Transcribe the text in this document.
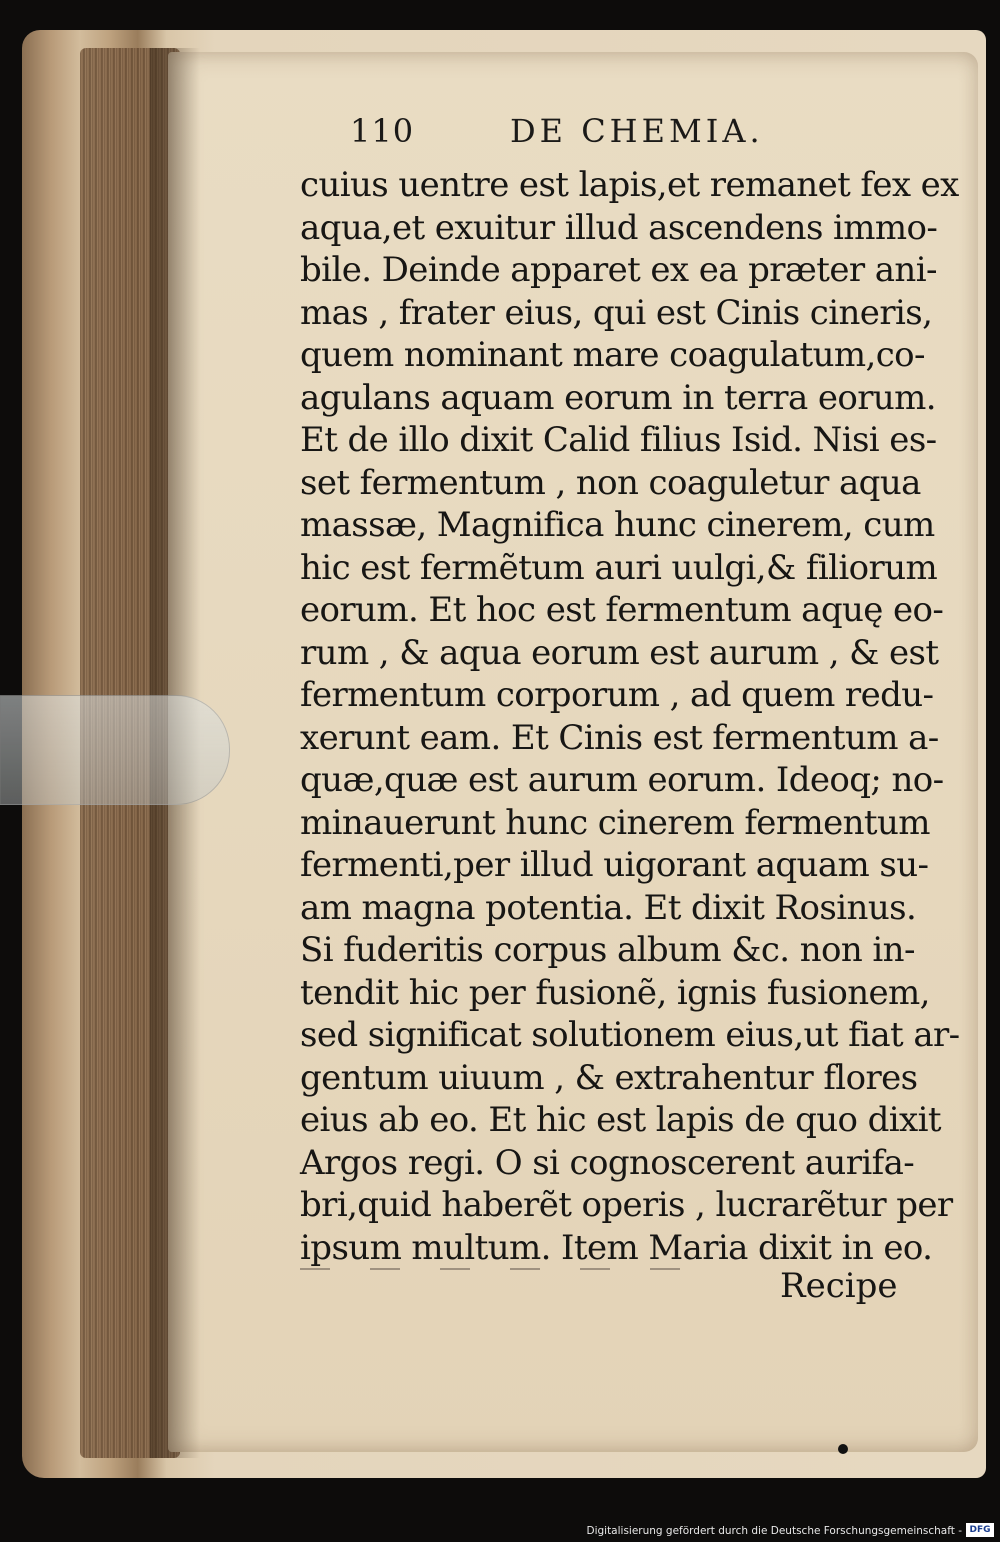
110	DE CHEMIA.
cuius uentre est lapis,et remanet fex ex
aqua,et exuitur illud ascendens immo-
bile. Deinde apparet ex ea præter ani-
mas , frater eius, qui est Cinis cineris,
quem nominant mare coagulatum,co-
agulans aquam eorum in terra eorum.
Et de illo dixit Calid filius Isid. Nisi es-
set fermentum , non coaguletur aqua
massæ, Magnifica hunc cinerem, cum
hic est fermẽtum auri uulgi,& filiorum
eorum. Et hoc est fermentum aquę eo-
rum , & aqua eorum est aurum , & est
fermentum corporum , ad quem redu-
xerunt eam. Et Cinis est fermentum a-
quæ,quæ est aurum eorum. Ideoq; no-
minauerunt hunc cinerem fermentum
fermenti,per illud uigorant aquam su-
am magna potentia. Et dixit Rosinus.
Si fuderitis corpus album &c. non in-
tendit hic per fusionẽ, ignis fusionem,
sed significat solutionem eius,ut fiat ar-
gentum uiuum , & extrahentur flores
eius ab eo. Et hic est lapis de quo dixit
Argos regi. O si cognoscerent aurifa-
bri,quid haberẽt operis , lucrarẽtur per
ipsum multum. Item Maria dixit in eo.
Recipe
Digitalisierung gefördert durch die Deutsche Forschungsgemeinschaft - DFG
